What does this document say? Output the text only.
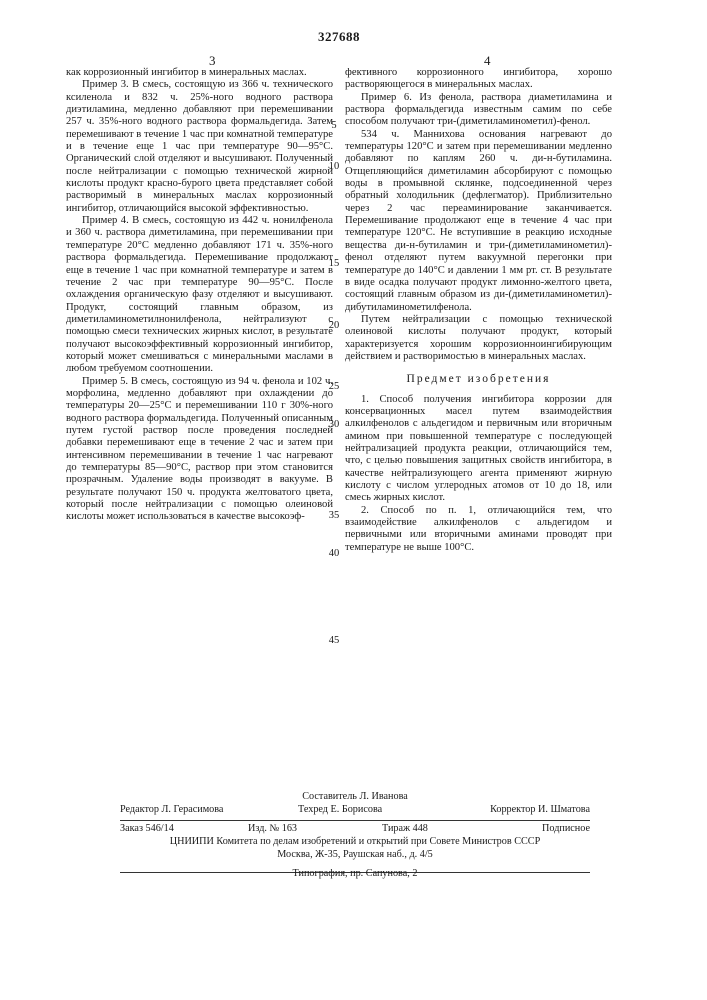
327688
3	4

как коррозионный ингибитор в минеральных маслах.

Пример 3. В смесь, состоящую из 366 ч. технического ксиленола и 832 ч. 25%-ного водного раствора диэтиламина, медленно добавляют при перемешивании 257 ч. 35%-ного водного раствора формальдегида. Затем перемешивают в течение 1 час при комнатной температуре и в течение еще 1 час при температуре 90—95°C. Органический слой отделяют и высушивают. Полученный после нейтрализации с помощью технической жирной кислоты продукт красно-бурого цвета представляет собой растворимый в минеральных маслах коррозионный ингибитор, отличающийся высокой эффективностью.

Пример 4. В смесь, состоящую из 442 ч. нонилфенола и 360 ч. раствора диметиламина, при перемешивании при температуре 20°C медленно добавляют 171 ч. 35%-ного раствора формальдегида. Перемешивание продолжают еще в течение 1 час при комнатной температуре и затем в течение 2 час при температуре 90—95°C. После охлаждения органическую фазу отделяют и высушивают. Продукт, состоящий главным образом, из диметиламинометилнонилфенола, нейтрализуют с помощью смеси технических жирных кислот, в результате получают высокоэффективный коррозионный ингибитор, который может смешиваться с минеральными маслами в любом требуемом соотношении.

Пример 5. В смесь, состоящую из 94 ч. фенола и 102 ч. морфолина, медленно добавляют при охлаждении до температуры 20—25°C и перемешивании 110 г 30%-ного водного раствора формальдегида. Полученный описанным путем густой раствор после проведения последней добавки перемешивают еще в течение 2 час и затем при интенсивном перемешивании в течение 1 час нагревают до температуры 85—90°C, раствор при этом становится прозрачным. Удаление воды производят в вакууме. В результате получают 150 ч. продукта желтоватого цвета, который после нейтрализации с помощью олеиновой кислоты может использоваться в качестве высокоэф-

5
10
15
20
25
30
35
40
45

фективного коррозионного ингибитора, хорошо растворяющегося в минеральных маслах.

Пример 6. Из фенола, раствора диаметиламина и раствора формальдегида известным самим по себе способом получают три-(диметиламинометил)-фенол.

534 ч. Манниховa основания нагревают до температуры 120°C и затем при перемешивании медленно добавляют по каплям 260 ч. ди-н-бутиламина. Отщепляющийся диметиламин абсорбируют с помощью воды в промывной склянке, подсоединенной через обратный холодильник (дефлегматор). Приблизительно через 2 час переаминирование заканчивается. Перемешивание продолжают еще в течение 4 час при температуре 120°C. Не вступившие в реакцию исходные вещества ди-н-бутиламин и три-(диметиламинометил)-фенол отделяют путем вакуумной перегонки при температуре до 140°C и давлении 1 мм рт. ст. В результате в виде осадка получают продукт лимонно-желтого цвета, состоящий главным образом из ди-(диметиламинометил)-дибутиламинометилфенола.

Путем нейтрализации с помощью технической олеиновой кислоты получают продукт, который характеризуется хорошим коррозионноингибирующим действием и растворимостью в минеральных маслах.

Предмет изобретения

1. Способ получения ингибитора коррозии для консервационных масел путем взаимодействия алкилфенолов с альдегидом и первичным или вторичным амином при повышенной температуре с последующей нейтрализацией продукта реакции, отличающийся тем, что, с целью повышения защитных свойств ингибитора, в качестве нейтрализующего агента применяют жирную кислоту с числом углеродных атомов от 10 до 18, или смесь жирных кислот.

2. Способ по п. 1, отличающийся тем, что взаимодействие алкилфенолов с альдегидом и первичными или вторичными аминами проводят при температуре не выше 100°C.

Составитель Л. Иванова
Редактор Л. Герасимова	Техред Е. Борисова	Корректор И. Шматова
Заказ 546/14	Изд. № 163	Тираж 448	Подписное
ЦНИИПИ Комитета по делам изобретений и открытий при Совете Министров СССР
Москва, Ж-35, Раушская наб., д. 4/5
Типография, пр. Сапунова, 2
